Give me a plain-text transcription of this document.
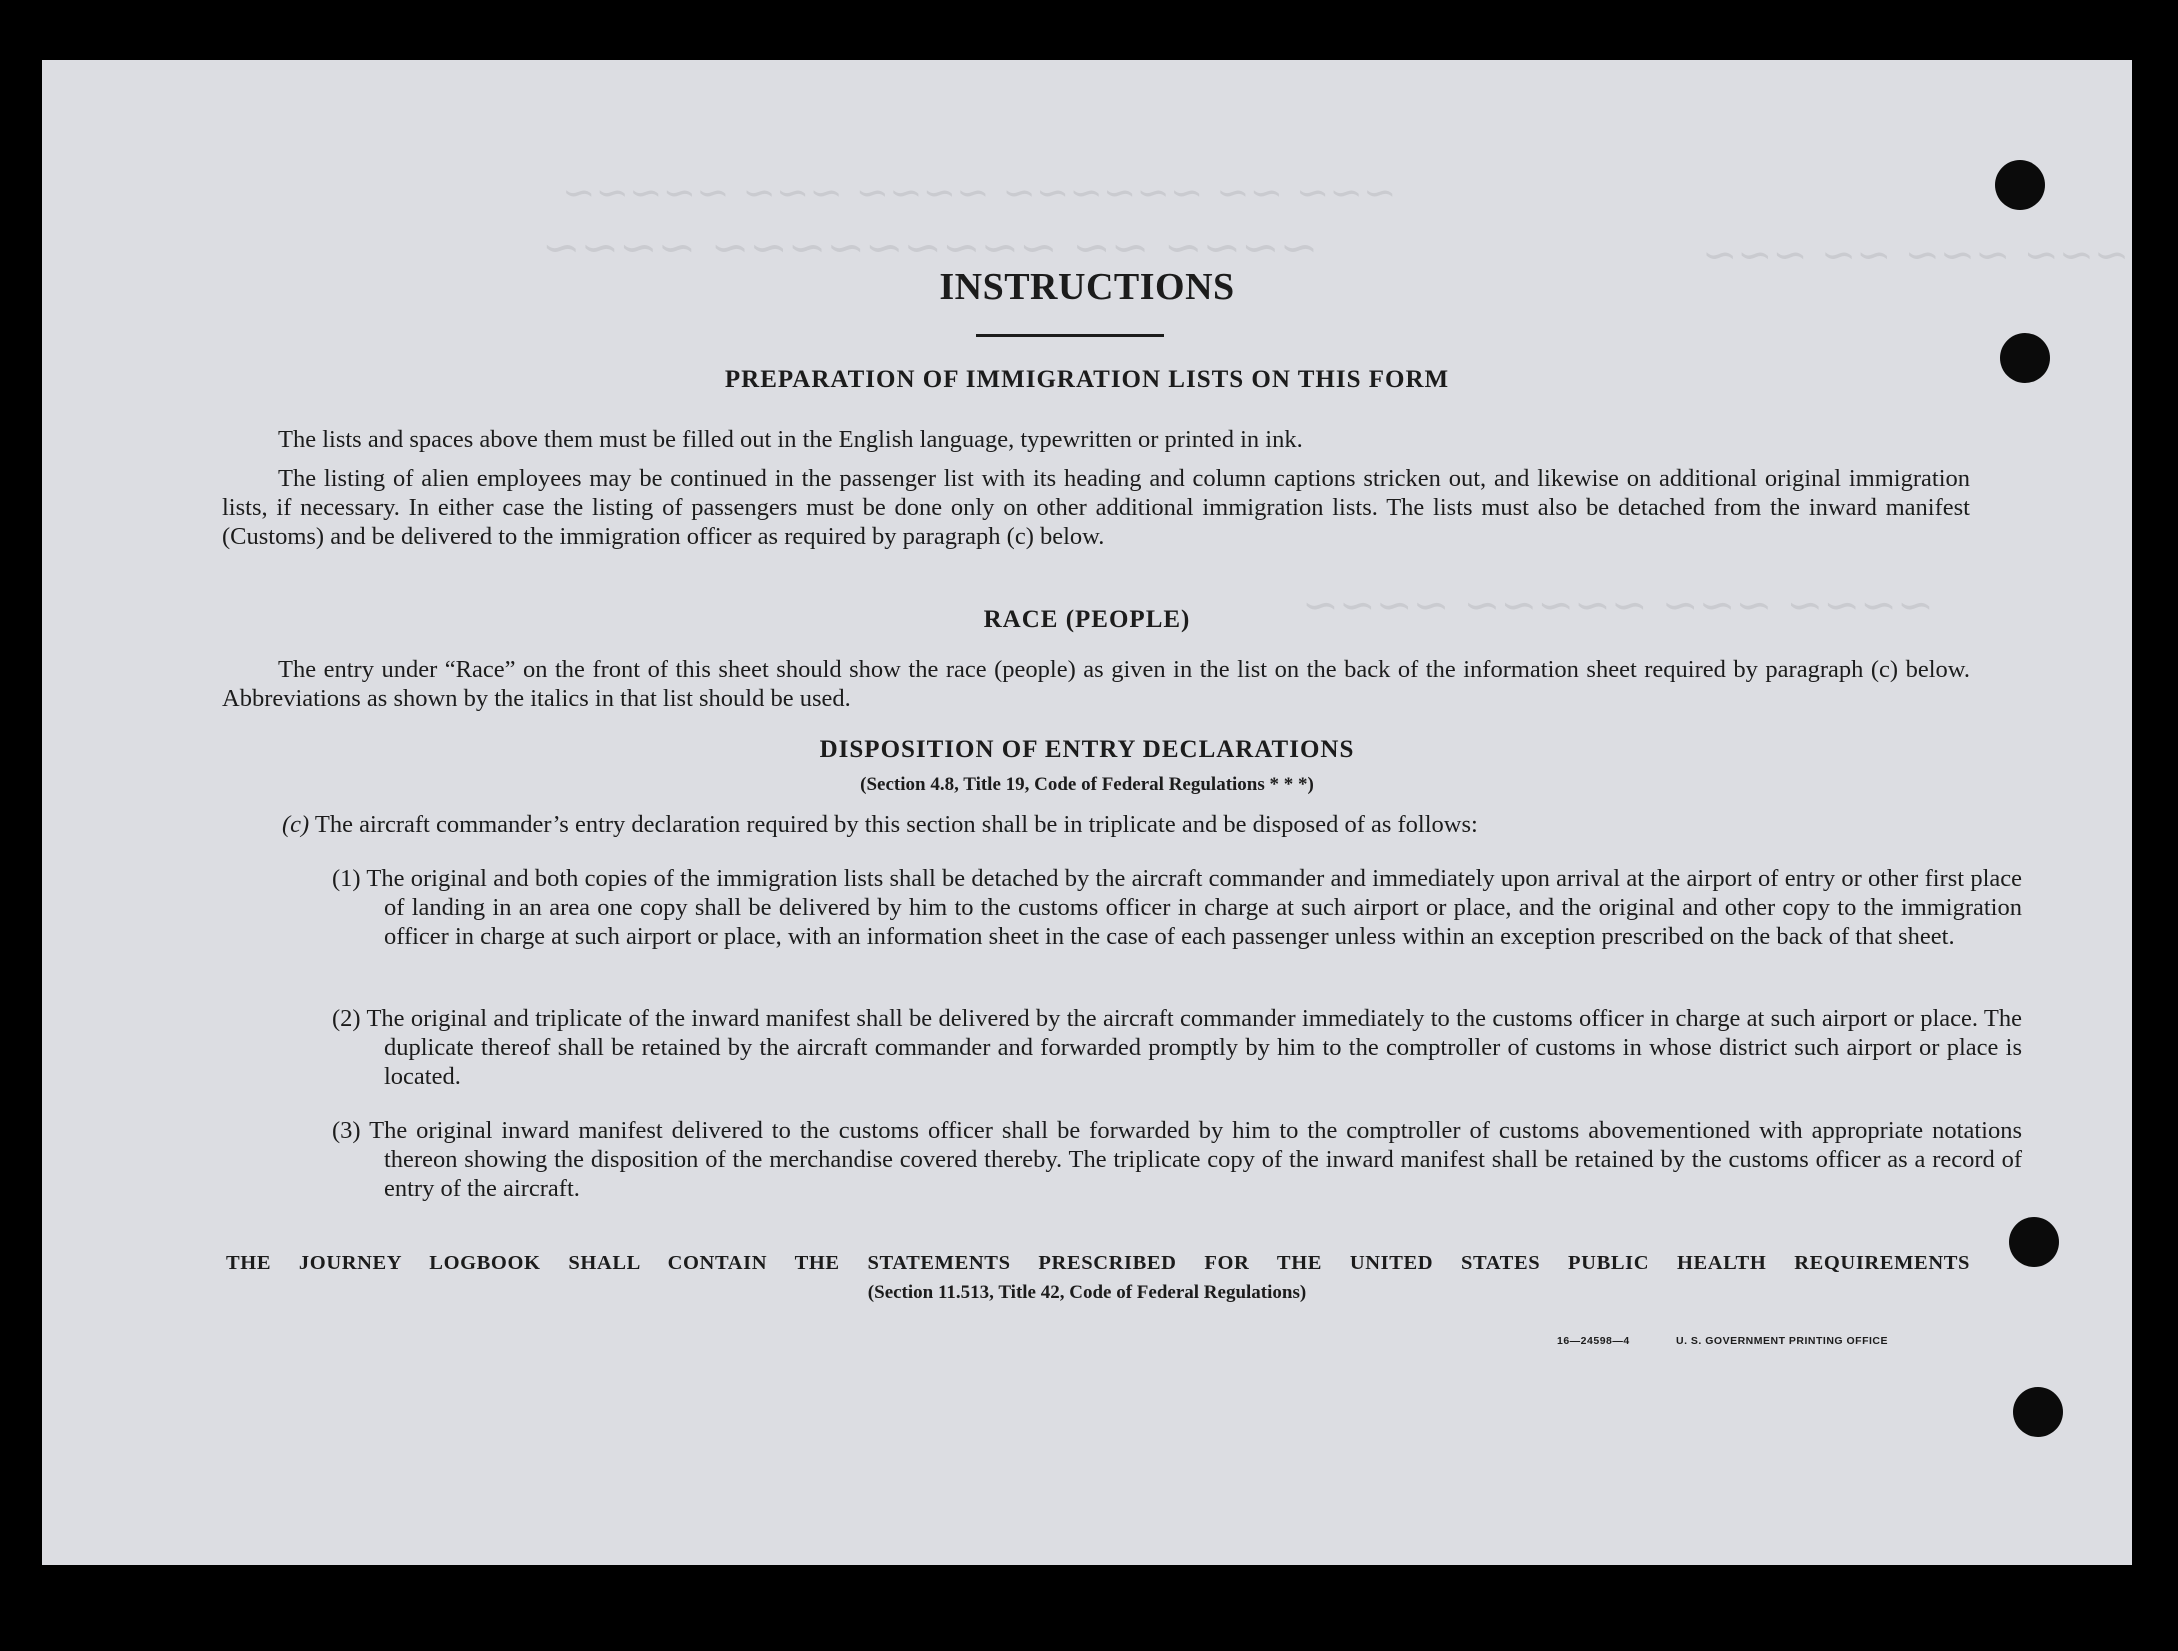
~~~ ~~ ~~~~~~ ~~~~ ~~~ ~~~~~
~~~~ ~~ ~~~~~~~~~ ~~~~	~~~ ~~~ ~~ ~~~
~~~~ ~~~ ~~~~~ ~~~~
INSTRUCTIONS
PREPARATION OF IMMIGRATION LISTS ON THIS FORM

The lists and spaces above them must be filled out in the English language, typewritten or printed in ink.

The listing of alien employees may be continued in the passenger list with its heading and column captions stricken out, and likewise on additional original immigration lists, if necessary. In either case the listing of passengers must be done only on other additional immigration lists. The lists must also be detached from the inward manifest (Customs) and be delivered to the immigration officer as required by paragraph (c) below.

RACE (PEOPLE)

The entry under “Race” on the front of this sheet should show the race (people) as given in the list on the back of the information sheet required by paragraph (c) below. Abbreviations as shown by the italics in that list should be used.

DISPOSITION OF ENTRY DECLARATIONS
(Section 4.8, Title 19, Code of Federal Regulations * * *)

(c) The aircraft commander’s entry declaration required by this section shall be in triplicate and be disposed of as follows:

(1) The original and both copies of the immigration lists shall be detached by the aircraft commander and immediately upon arrival at the airport of entry or other first place of landing in an area one copy shall be delivered by him to the customs officer in charge at such airport or place, and the original and other copy to the immigration officer in charge at such airport or place, with an information sheet in the case of each passenger unless within an exception prescribed on the back of that sheet.

(2) The original and triplicate of the inward manifest shall be delivered by the aircraft commander immediately to the customs officer in charge at such airport or place. The duplicate thereof shall be retained by the aircraft commander and forwarded promptly by him to the comptroller of customs in whose district such airport or place is located.

(3) The original inward manifest delivered to the customs officer shall be forwarded by him to the comptroller of customs abovementioned with appropriate notations thereon showing the disposition of the merchandise covered thereby. The triplicate copy of the inward manifest shall be retained by the customs officer as a record of entry of the aircraft.

THE JOURNEY LOGBOOK SHALL CONTAIN THE STATEMENTS PRESCRIBED FOR THE UNITED STATES PUBLIC HEALTH REQUIREMENTS
(Section 11.513, Title 42, Code of Federal Regulations)
16—24598—4	U. S. GOVERNMENT PRINTING OFFICE
